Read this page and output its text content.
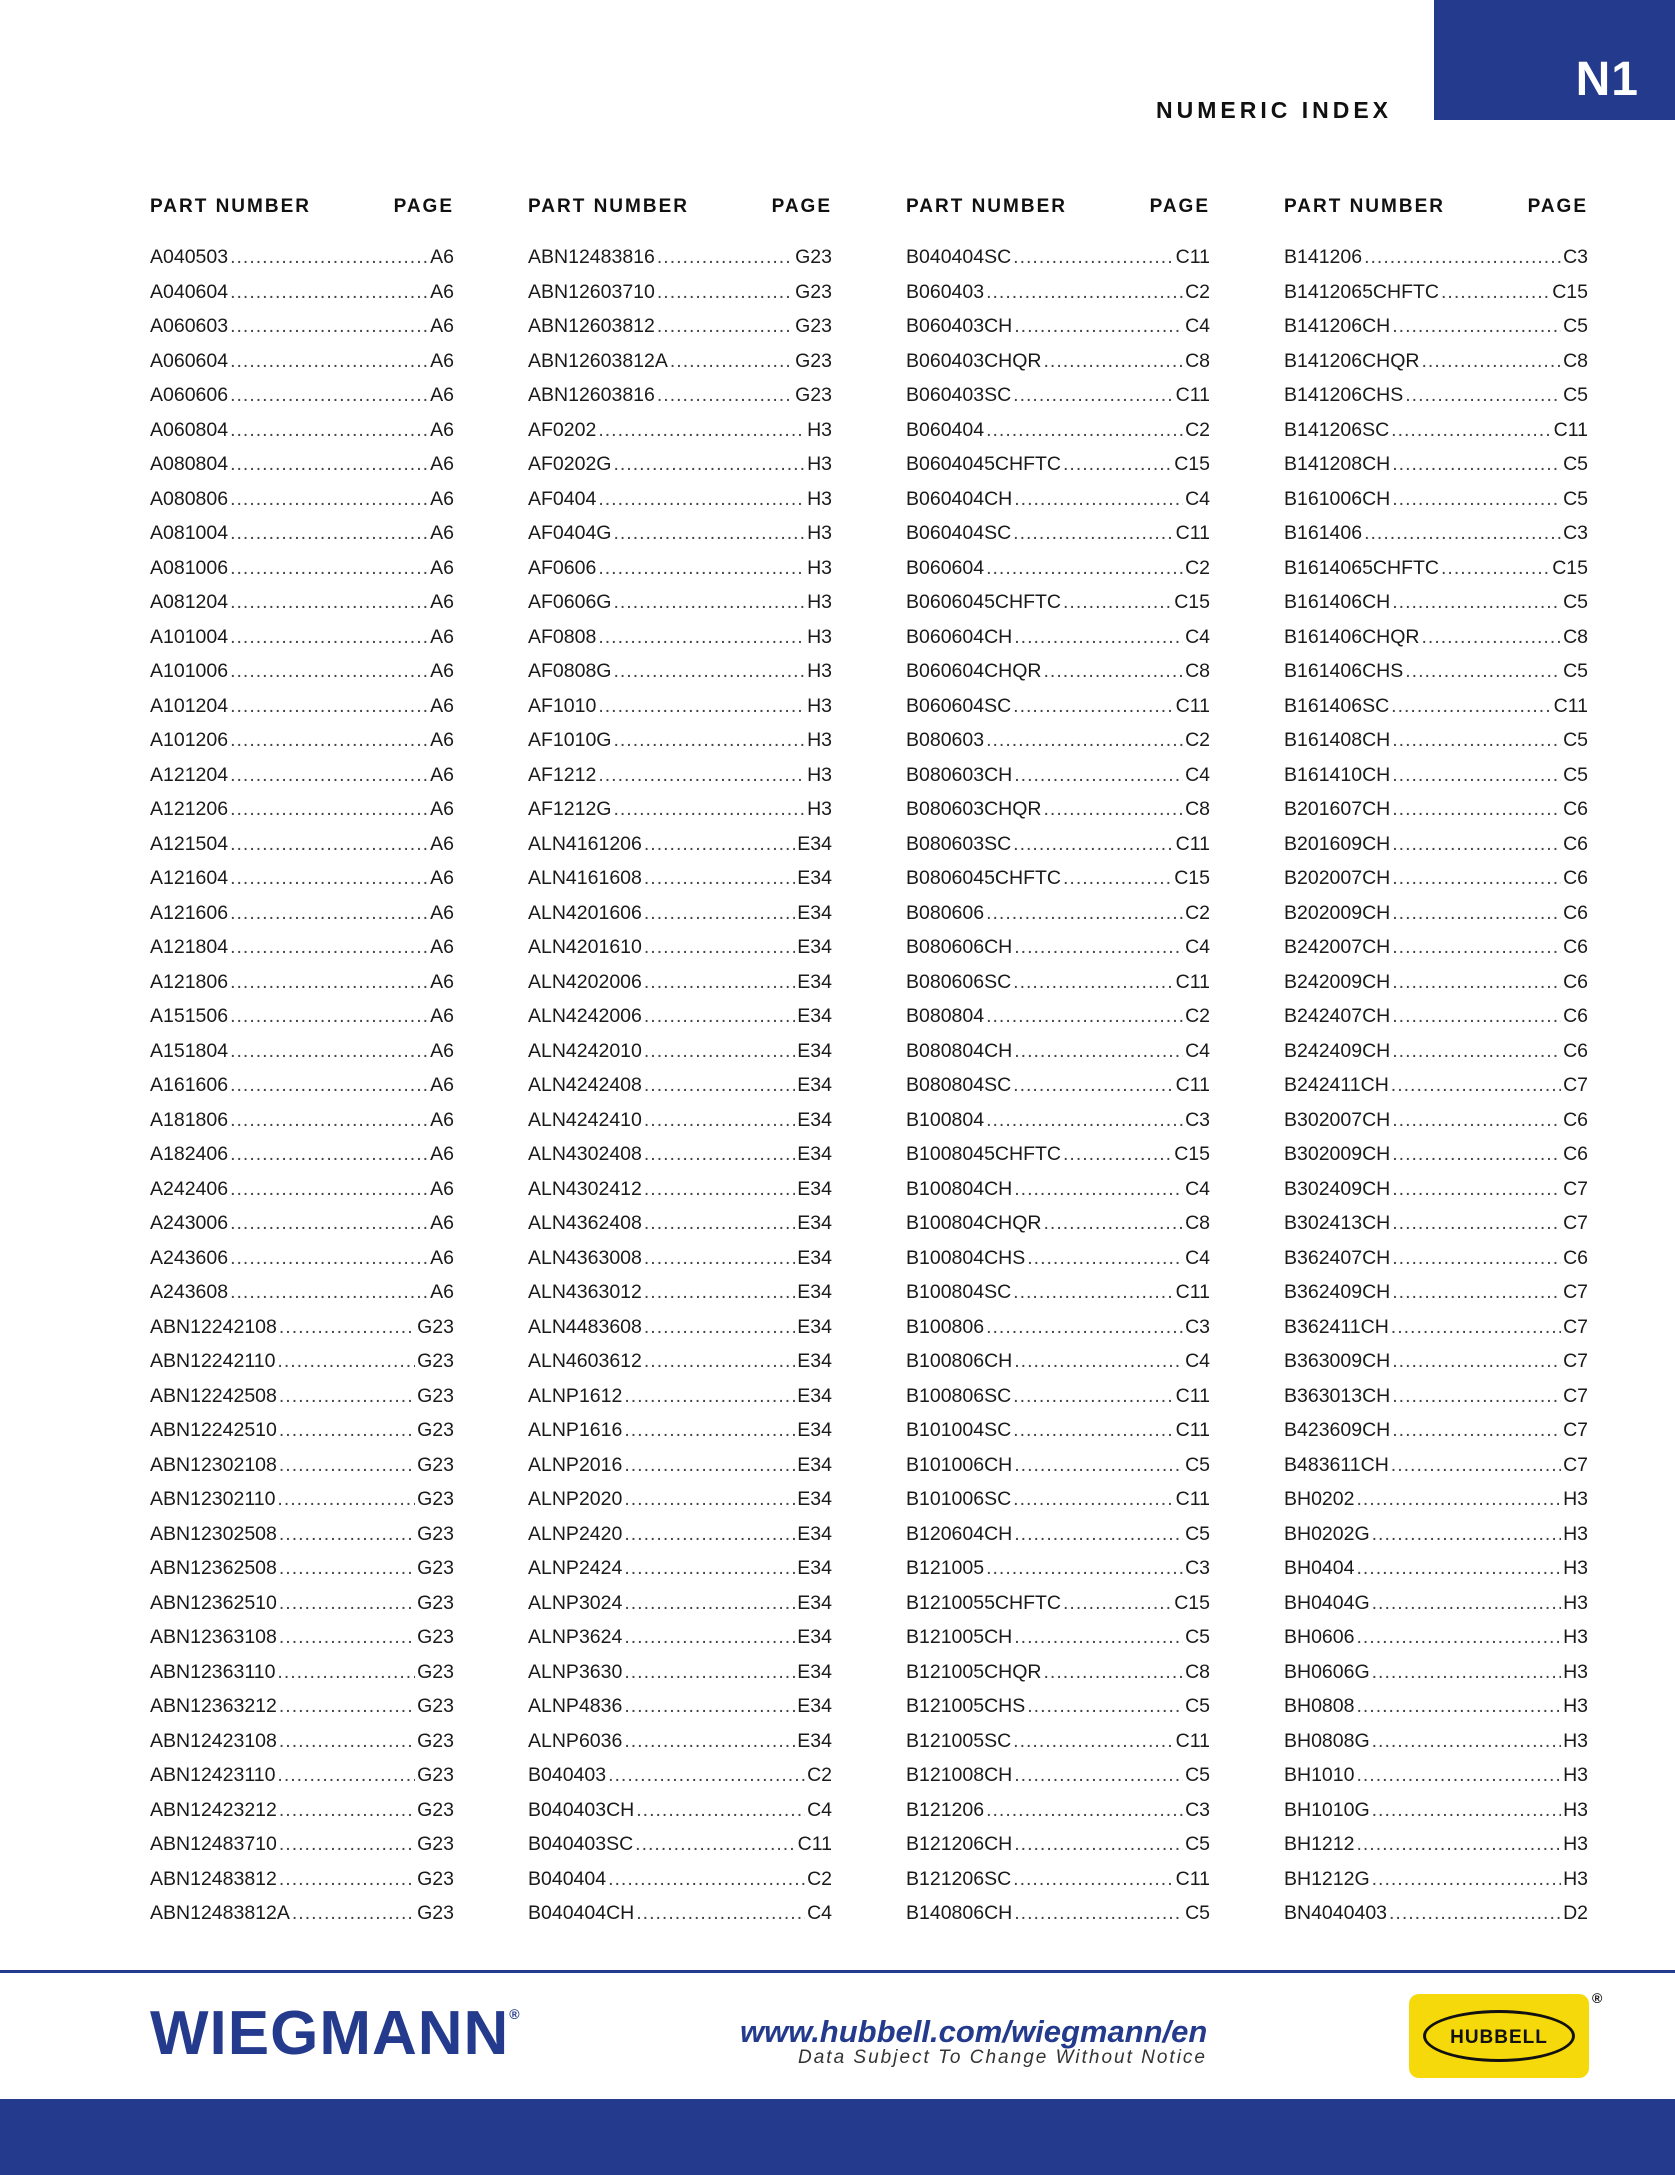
N1
NUMERIC INDEX
PART NUMBER	PAGE
A040503 .....	A6
A040604 .....	A6
A060603 .....	A6
A060604 .....	A6
A060606 .....	A6
A060804 .....	A6
A080804 .....	A6
A080806 .....	A6
A081004 .....	A6
A081006 .....	A6
A081204 .....	A6
A101004 .....	A6
A101006 .....	A6
A101204 .....	A6
A101206 .....	A6
A121204 .....	A6
A121206 .....	A6
A121504 .....	A6
A121604 .....	A6
A121606 .....	A6
A121804 .....	A6
A121806 .....	A6
A151506 .....	A6
A151804 .....	A6
A161606 .....	A6
A181806 .....	A6
A182406 .....	A6
A242406 .....	A6
A243006 .....	A6
A243606 .....	A6
A243608 .....	A6
ABN12242108 .....	G23
ABN12242110 .....	G23
ABN12242508 .....	G23
ABN12242510 .....	G23
ABN12302108 .....	G23
ABN12302110 .....	G23
ABN12302508 .....	G23
ABN12362508 .....	G23
ABN12362510 .....	G23
ABN12363108 .....	G23
ABN12363110 .....	G23
ABN12363212 .....	G23
ABN12423108 .....	G23
ABN12423110 .....	G23
ABN12423212 .....	G23
ABN12483710 .....	G23
ABN12483812 .....	G23
ABN12483812A .....	G23
PART NUMBER	PAGE
ABN12483816 .....	G23
ABN12603710 .....	G23
ABN12603812 .....	G23
ABN12603812A .....	G23
ABN12603816 .....	G23
AF0202 .....	H3
AF0202G .....	H3
AF0404 .....	H3
AF0404G .....	H3
AF0606 .....	H3
AF0606G .....	H3
AF0808 .....	H3
AF0808G .....	H3
AF1010 .....	H3
AF1010G .....	H3
AF1212 .....	H3
AF1212G .....	H3
ALN4161206 .....	E34
ALN4161608 .....	E34
ALN4201606 .....	E34
ALN4201610 .....	E34
ALN4202006 .....	E34
ALN4242006 .....	E34
ALN4242010 .....	E34
ALN4242408 .....	E34
ALN4242410 .....	E34
ALN4302408 .....	E34
ALN4302412 .....	E34
ALN4362408 .....	E34
ALN4363008 .....	E34
ALN4363012 .....	E34
ALN4483608 .....	E34
ALN4603612 .....	E34
ALNP1612 .....	E34
ALNP1616 .....	E34
ALNP2016 .....	E34
ALNP2020 .....	E34
ALNP2420 .....	E34
ALNP2424 .....	E34
ALNP3024 .....	E34
ALNP3624 .....	E34
ALNP3630 .....	E34
ALNP4836 .....	E34
ALNP6036 .....	E34
B040403 .....	C2
B040403CH .....	C4
B040403SC .....	C11
B040404 .....	C2
B040404CH .....	C4
PART NUMBER	PAGE
B040404SC .....	C11
B060403 .....	C2
B060403CH .....	C4
B060403CHQR .....	C8
B060403SC .....	C11
B060404 .....	C2
B0604045CHFTC .....	C15
B060404CH .....	C4
B060404SC .....	C11
B060604 .....	C2
B0606045CHFTC .....	C15
B060604CH .....	C4
B060604CHQR .....	C8
B060604SC .....	C11
B080603 .....	C2
B080603CH .....	C4
B080603CHQR .....	C8
B080603SC .....	C11
B0806045CHFTC .....	C15
B080606 .....	C2
B080606CH .....	C4
B080606SC .....	C11
B080804 .....	C2
B080804CH .....	C4
B080804SC .....	C11
B100804 .....	C3
B1008045CHFTC .....	C15
B100804CH .....	C4
B100804CHQR .....	C8
B100804CHS .....	C4
B100804SC .....	C11
B100806 .....	C3
B100806CH .....	C4
B100806SC .....	C11
B101004SC .....	C11
B101006CH .....	C5
B101006SC .....	C11
B120604CH .....	C5
B121005 .....	C3
B1210055CHFTC .....	C15
B121005CH .....	C5
B121005CHQR .....	C8
B121005CHS .....	C5
B121005SC .....	C11
B121008CH .....	C5
B121206 .....	C3
B121206CH .....	C5
B121206SC .....	C11
B140806CH .....	C5
PART NUMBER	PAGE
B141206 .....	C3
B1412065CHFTC .....	C15
B141206CH .....	C5
B141206CHQR .....	C8
B141206CHS .....	C5
B141206SC .....	C11
B141208CH .....	C5
B161006CH .....	C5
B161406 .....	C3
B1614065CHFTC .....	C15
B161406CH .....	C5
B161406CHQR .....	C8
B161406CHS .....	C5
B161406SC .....	C11
B161408CH .....	C5
B161410CH .....	C5
B201607CH .....	C6
B201609CH .....	C6
B202007CH .....	C6
B202009CH .....	C6
B242007CH .....	C6
B242009CH .....	C6
B242407CH .....	C6
B242409CH .....	C6
B242411CH .....	C7
B302007CH .....	C6
B302009CH .....	C6
B302409CH .....	C7
B302413CH .....	C7
B362407CH .....	C6
B362409CH .....	C7
B362411CH .....	C7
B363009CH .....	C7
B363013CH .....	C7
B423609CH .....	C7
B483611CH .....	C7
BH0202 .....	H3
BH0202G .....	H3
BH0404 .....	H3
BH0404G .....	H3
BH0606 .....	H3
BH0606G .....	H3
BH0808 .....	H3
BH0808G .....	H3
BH1010 .....	H3
BH1010G .....	H3
BH1212 .....	H3
BH1212G .....	H3
BN4040403 .....	D2
WIEGMANN®	www.hubbell.com/wiegmann/en
Data Subject To Change Without Notice
HUBBELL
®
